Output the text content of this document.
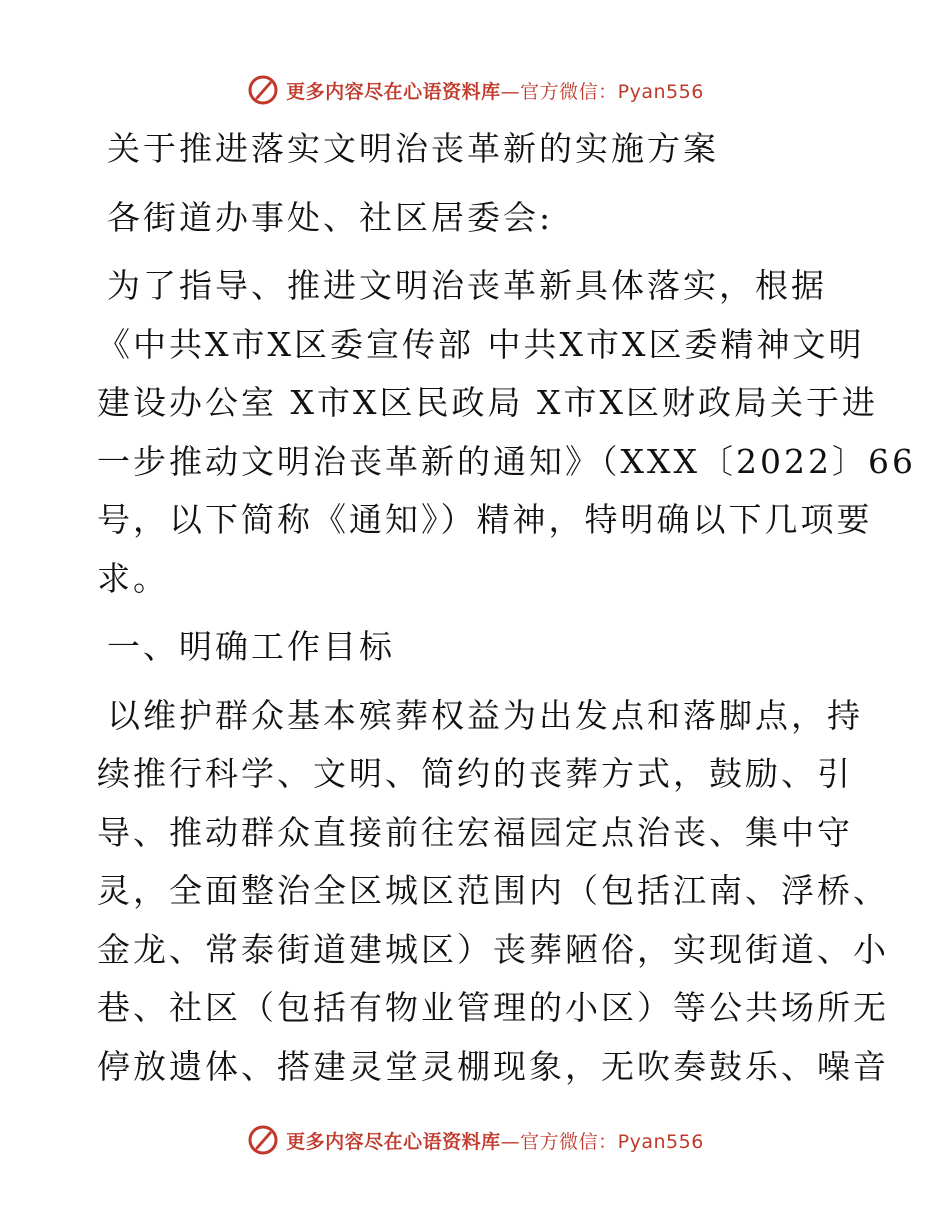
更多内容尽在心语资料库—官方微信：Pyan556
关于推进落实文明治丧革新的实施方案
各街道办事处、社区居委会:
为了指导、推进文明治丧革新具体落实，根据
《中共X市X区委宣传部 中共X市X区委精神文明
建设办公室 X市X区民政局 X市X区财政局关于进
一步推动文明治丧革新的通知》（XXX〔2022〕66
号，以下简称《通知》）精神，特明确以下几项要
求。
一、明确工作目标
以维护群众基本殡葬权益为出发点和落脚点，持
续推行科学、文明、简约的丧葬方式，鼓励、引
导、推动群众直接前往宏福园定点治丧、集中守
灵，全面整治全区城区范围内（包括江南、浮桥、
金龙、常泰街道建城区）丧葬陋俗，实现街道、小
巷、社区（包括有物业管理的小区）等公共场所无
停放遗体、搭建灵堂灵棚现象，无吹奏鼓乐、噪音
更多内容尽在心语资料库—官方微信：Pyan556
